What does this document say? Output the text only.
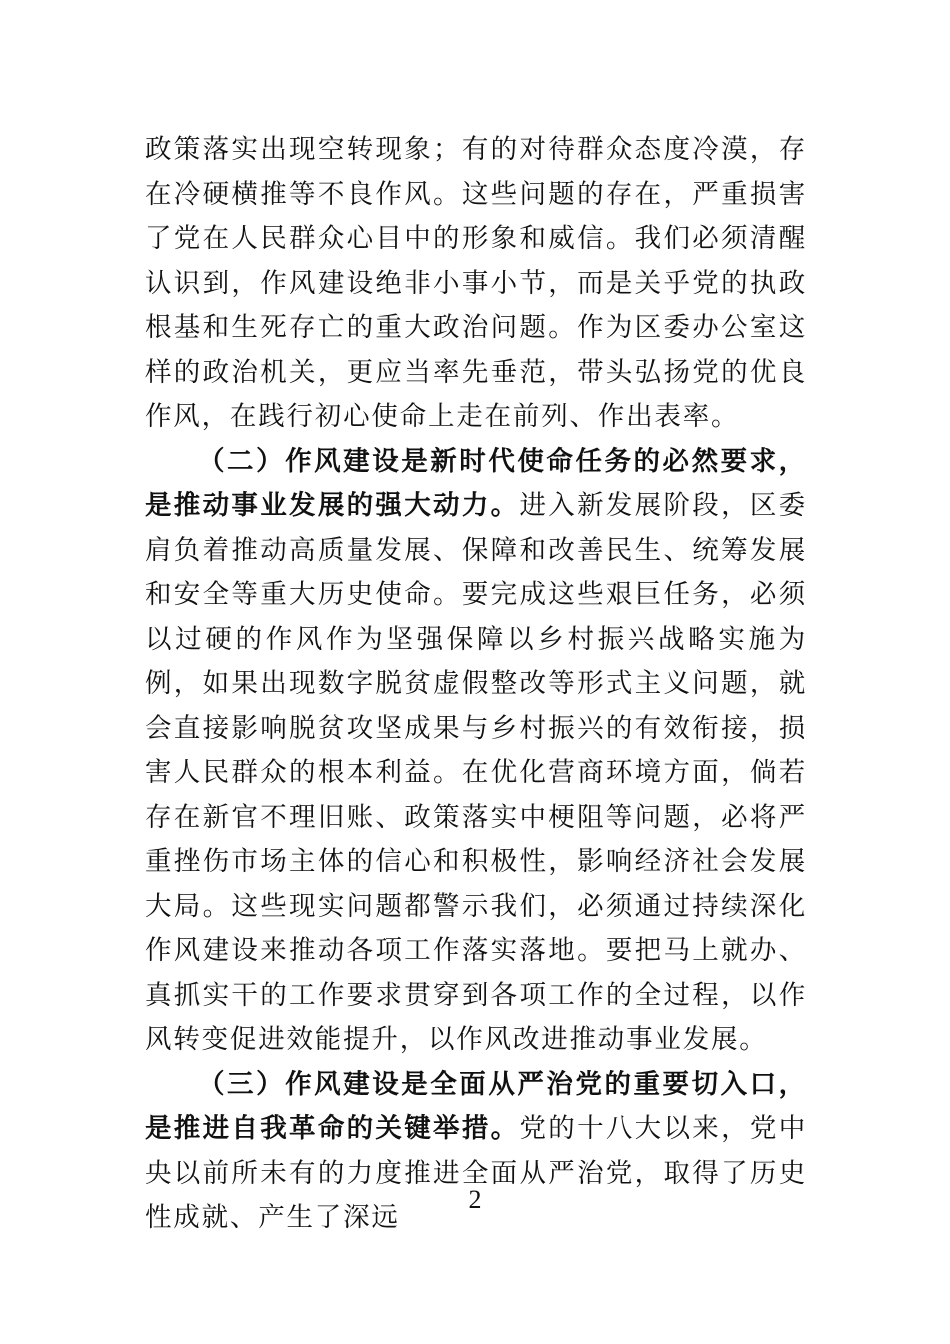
政策落实出现空转现象；有的对待群众态度冷漠，存在冷硬横推等不良作风。这些问题的存在，严重损害了党在人民群众心目中的形象和威信。我们必须清醒认识到，作风建设绝非小事小节，而是关乎党的执政根基和生死存亡的重大政治问题。作为区委办公室这样的政治机关，更应当率先垂范，带头弘扬党的优良作风，在践行初心使命上走在前列、作出表率。

（二）作风建设是新时代使命任务的必然要求，是推动事业发展的强大动力。进入新发展阶段，区委肩负着推动高质量发展、保障和改善民生、统筹发展和安全等重大历史使命。要完成这些艰巨任务，必须以过硬的作风作为坚强保障以乡村振兴战略实施为例，如果出现数字脱贫虚假整改等形式主义问题，就会直接影响脱贫攻坚成果与乡村振兴的有效衔接，损害人民群众的根本利益。在优化营商环境方面，倘若存在新官不理旧账、政策落实中梗阻等问题，必将严重挫伤市场主体的信心和积极性，影响经济社会发展大局。这些现实问题都警示我们，必须通过持续深化作风建设来推动各项工作落实落地。要把马上就办、真抓实干的工作要求贯穿到各项工作的全过程，以作风转变促进效能提升，以作风改进推动事业发展。

（三）作风建设是全面从严治党的重要切入口，是推进自我革命的关键举措。党的十八大以来，党中央以前所未有的力度推进全面从严治党，取得了历史性成就、产生了深远

2
